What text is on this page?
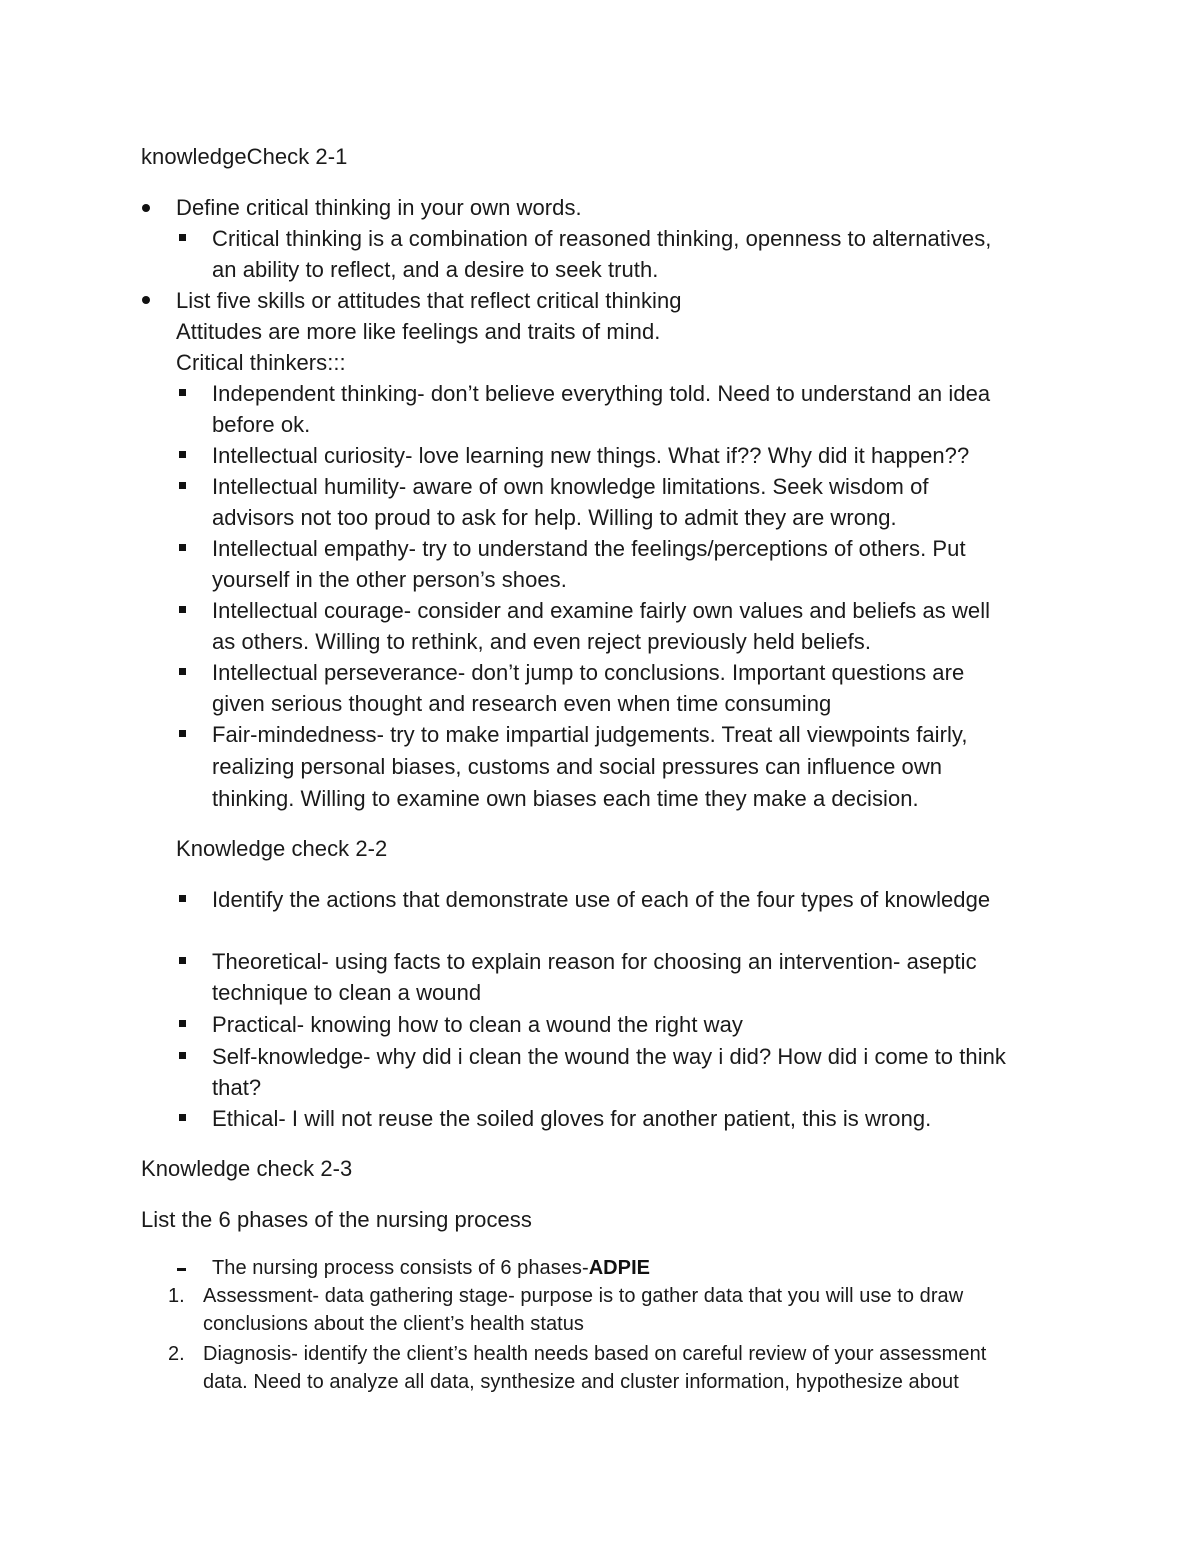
knowledgeCheck 2-1
Define critical thinking in your own words.
Critical thinking is a combination of reasoned thinking, openness to alternatives,
an ability to reflect, and a desire to seek truth.
List five skills or attitudes that reflect critical thinking
Attitudes are more like feelings and traits of mind.
Critical thinkers:::
Independent thinking- don’t believe everything told. Need to understand an idea
before ok.
Intellectual curiosity- love learning new things. What if?? Why did it happen??
Intellectual humility- aware of own knowledge limitations. Seek wisdom of
advisors not too proud to ask for help. Willing to admit they are wrong.
Intellectual empathy- try to understand the feelings/perceptions of others. Put
yourself in the other person’s shoes.
Intellectual courage- consider and examine fairly own values and beliefs as well
as others. Willing to rethink, and even reject previously held beliefs.
Intellectual perseverance- don’t jump to conclusions. Important questions are
given serious thought and research even when time consuming
Fair-mindedness- try to make impartial judgements. Treat all viewpoints fairly,
realizing personal biases, customs and social pressures can influence own
thinking. Willing to examine own biases each time they make a decision.
Knowledge check 2-2
Identify the actions that demonstrate use of each of the four types of knowledge
Theoretical- using facts to explain reason for choosing an intervention- aseptic
technique to clean a wound
Practical- knowing how to clean a wound the right way
Self-knowledge- why did i clean the wound the way i did? How did i come to think
that?
Ethical- I will not reuse the soiled gloves for another patient, this is wrong.
Knowledge check 2-3
List the 6 phases of the nursing process
The nursing process consists of 6 phases-ADPIE
1. Assessment- data gathering stage- purpose is to gather data that you will use to draw
conclusions about the client’s health status
2. Diagnosis- identify the client’s health needs based on careful review of your assessment
data. Need to analyze all data, synthesize and cluster information, hypothesize about
